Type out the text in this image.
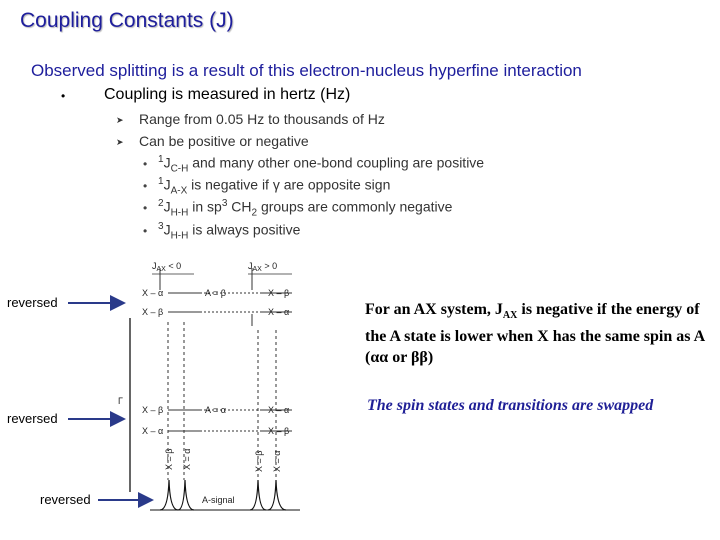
Coupling Constants (J)
Observed splitting is a result of this electron-nucleus hyperfine interaction
• Coupling is measured in hertz (Hz)
➤ Range from 0.05 Hz to thousands of Hz
➤ Can be positive or negative
• $^1J_{C-H}$ and many other one-bond coupling are positive
• $^1J_{A-X}$ is negative if γ are opposite sign
• $^2J_{H-H}$ in $sp^3$ $CH_2$ groups are commonly negative
• $^3J_{H-H}$ is always positive
reversed
reversed
reversed
$J_{AX} < 0$	$J_{AX} > 0$
X – α
X – β
A = β	X – β
X – α
Γ
X – β
X – α
A = α	X – α
X – β
X = β X = α	X = β X = α
A-signal
For an AX system, $J_{AX}$ is negative if the energy of the A state is lower when X has the same spin as A (αα or ββ)
The spin states and transitions are swapped
